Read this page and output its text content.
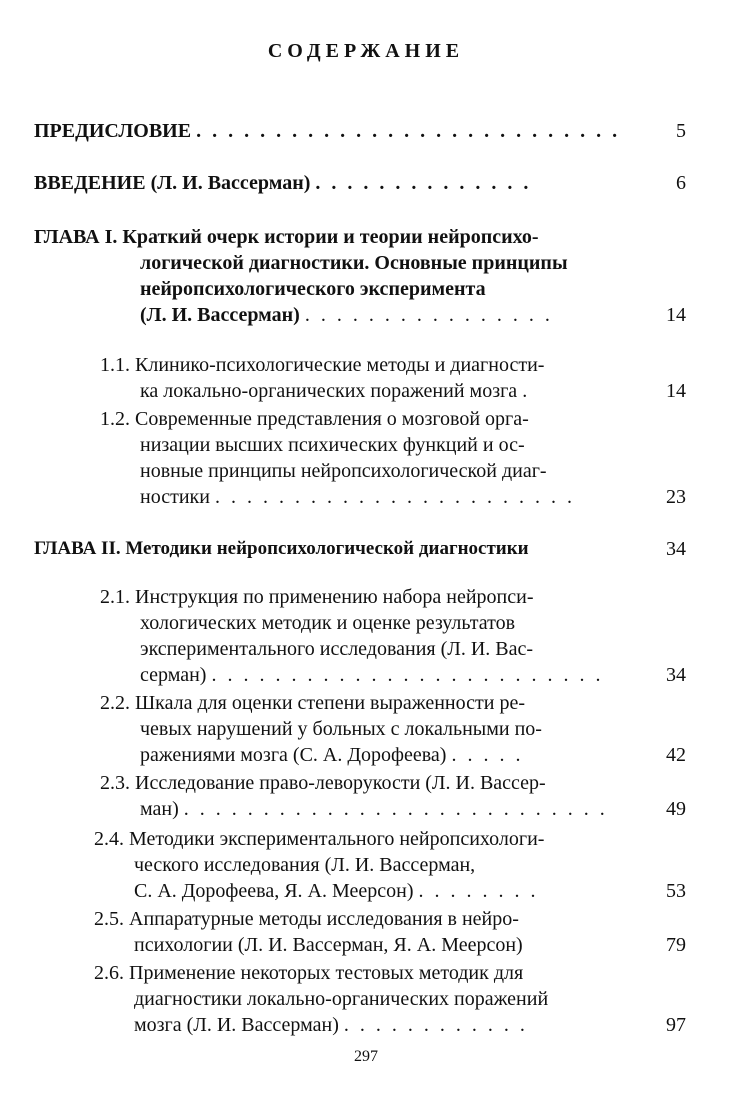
СОДЕРЖАНИЕ
ПРЕДИСЛОВИЕ . . . . . . . . . . . . . . . . . . . . . . . . . . .	5
ВВЕДЕНИЕ (Л. И. Вассерман) . . . . . . . . . . . . . .	6
ГЛАВА I. Краткий очерк истории и теории нейропсихо-
логической диагностики. Основные принципы
нейропсихологического эксперимента
(Л. И. Вассерман) . . . . . . . . . . . . . . . .	14
1.1. Клинико-психологические методы и диагности-
ка локально-органических поражений мозга .	14
1.2. Современные представления о мозговой орга-
низации высших психических функций и ос-
новные принципы нейропсихологической диаг-
ностики . . . . . . . . . . . . . . . . . . . . . . .	23
ГЛАВА II. Методики нейропсихологической диагностики	34
2.1. Инструкция по применению набора нейропси-
хологических методик и оценке результатов
экспериментального исследования (Л. И. Вас-
серман) . . . . . . . . . . . . . . . . . . . . . . . . .	34
2.2. Шкала для оценки степени выраженности ре-
чевых нарушений у больных с локальными по-
ражениями мозга (С. А. Дорофеева) . . . . .	42
2.3. Исследование право-леворукости (Л. И. Вассер-
ман) . . . . . . . . . . . . . . . . . . . . . . . . . . .	49
2.4. Методики экспериментального нейропсихологи-
ческого исследования (Л. И. Вассерман,
С. А. Дорофеева, Я. А. Меерсон) . . . . . . . .	53
2.5. Аппаратурные методы исследования в нейро-
психологии (Л. И. Вассерман, Я. А. Меерсон)	79
2.6. Применение некоторых тестовых методик для
диагностики локально-органических поражений
мозга (Л. И. Вассерман) . . . . . . . . . . . .	97
297
